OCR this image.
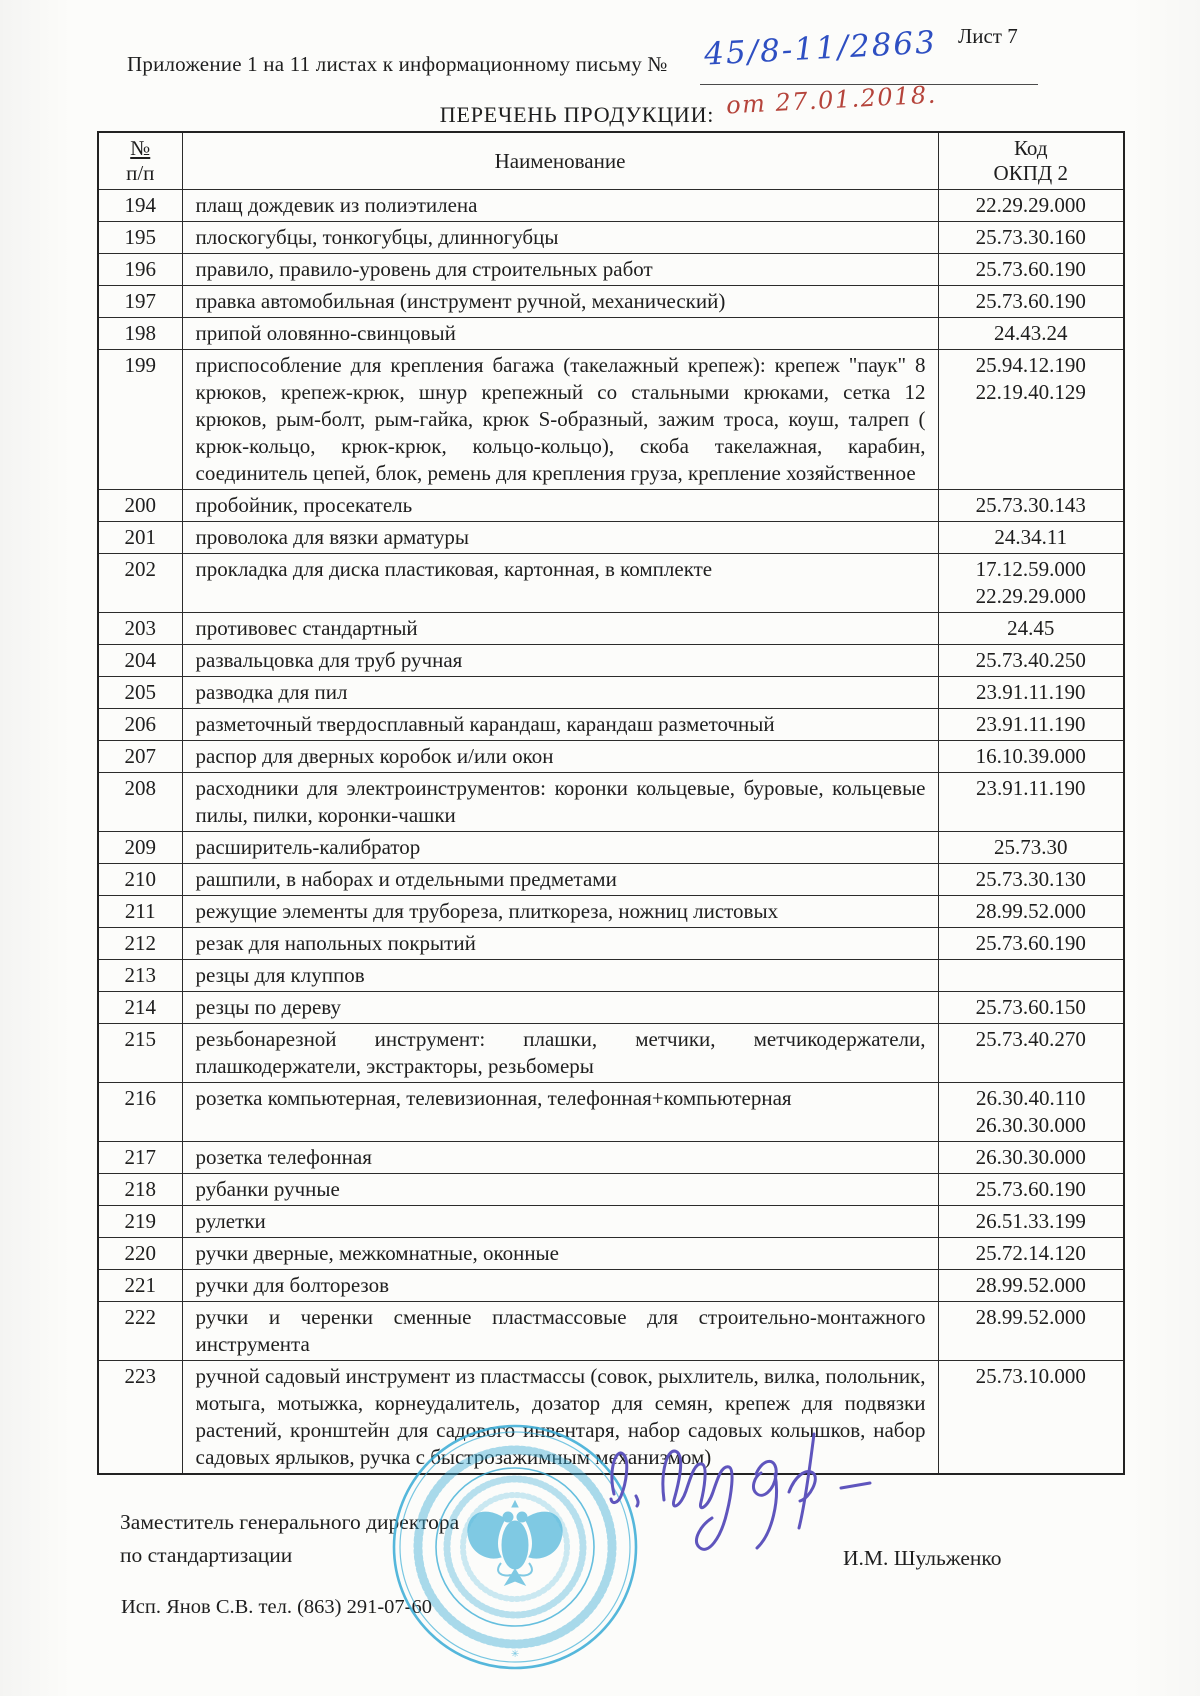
Лист 7
Приложение 1 на 11 листах к информационному письму № 45/8-11/2863
от 27.01.2018.
ПЕРЕЧЕНЬ ПРОДУКЦИИ:
№
п/п	Наименование	Код
ОКПД 2
194	плащ дождевик из полиэтилена	22.29.29.000

195	плоскогубцы, тонкогубцы, длинногубцы	25.73.30.160

196	правило, правило-уровень для строительных работ	25.73.60.190

197	правка автомобильная (инструмент ручной, механический)	25.73.60.190

198	припой оловянно-свинцовый	24.43.24

199	приспособление для крепления багажа (такелажный крепеж): крепеж "паук" 8 крюков, крепеж-крюк, шнур крепежный со стальными крюками, сетка 12 крюков, рым-болт, рым-гайка, крюк S-образный, зажим троса, коуш, талреп ( крюк-кольцо, крюк-крюк, кольцо-кольцо), скоба такелажная, карабин, соединитель цепей, блок, ремень для крепления груза, крепление хозяйственное	25.94.12.190
22.19.40.129

200	пробойник, просекатель	25.73.30.143

201	проволока для вязки арматуры	24.34.11

202	прокладка для диска пластиковая, картонная, в комплекте	17.12.59.000
22.29.29.000

203	противовес стандартный	24.45

204	развальцовка для труб ручная	25.73.40.250

205	разводка для пил	23.91.11.190

206	разметочный твердосплавный карандаш, карандаш разметочный	23.91.11.190

207	распор для дверных коробок и/или окон	16.10.39.000

208	расходники для электроинструментов: коронки кольцевые, буровые, кольцевые пилы, пилки, коронки-чашки	23.91.11.190

209	расширитель-калибратор	25.73.30

210	рашпили, в наборах и отдельными предметами	25.73.30.130

211	режущие элементы для трубореза, плиткореза, ножниц листовых	28.99.52.000

212	резак для напольных покрытий	25.73.60.190

213	резцы для клуппов	
214	резцы по дереву	25.73.60.150

215	резьбонарезной инструмент: плашки, метчики, метчикодержатели, плашкодержатели, экстракторы, резьбомеры	25.73.40.270

216	розетка компьютерная, телевизионная, телефонная+компьютерная	26.30.40.110
26.30.30.000

217	розетка телефонная	26.30.30.000

218	рубанки ручные	25.73.60.190

219	рулетки	26.51.33.199

220	ручки дверные, межкомнатные, оконные	25.72.14.120

221	ручки для болторезов	28.99.52.000

222	ручки и черенки сменные пластмассовые для строительно-монтажного инструмента	28.99.52.000

223	ручной садовый инструмент из пластмассы (совок, рыхлитель, вилка, полольник, мотыга, мотыжка, корнеудалитель, дозатор для семян, крепеж для подвязки растений, кронштейн для садового инвентаря, набор садовых колышков, набор садовых ярлыков, ручка с быстрозажимным механизмом)	25.73.10.000
Заместитель генерального директора
по стандартизации	И.М. Шульженко
Исп. Янов С.В. тел. (863) 291-07-60
✳
